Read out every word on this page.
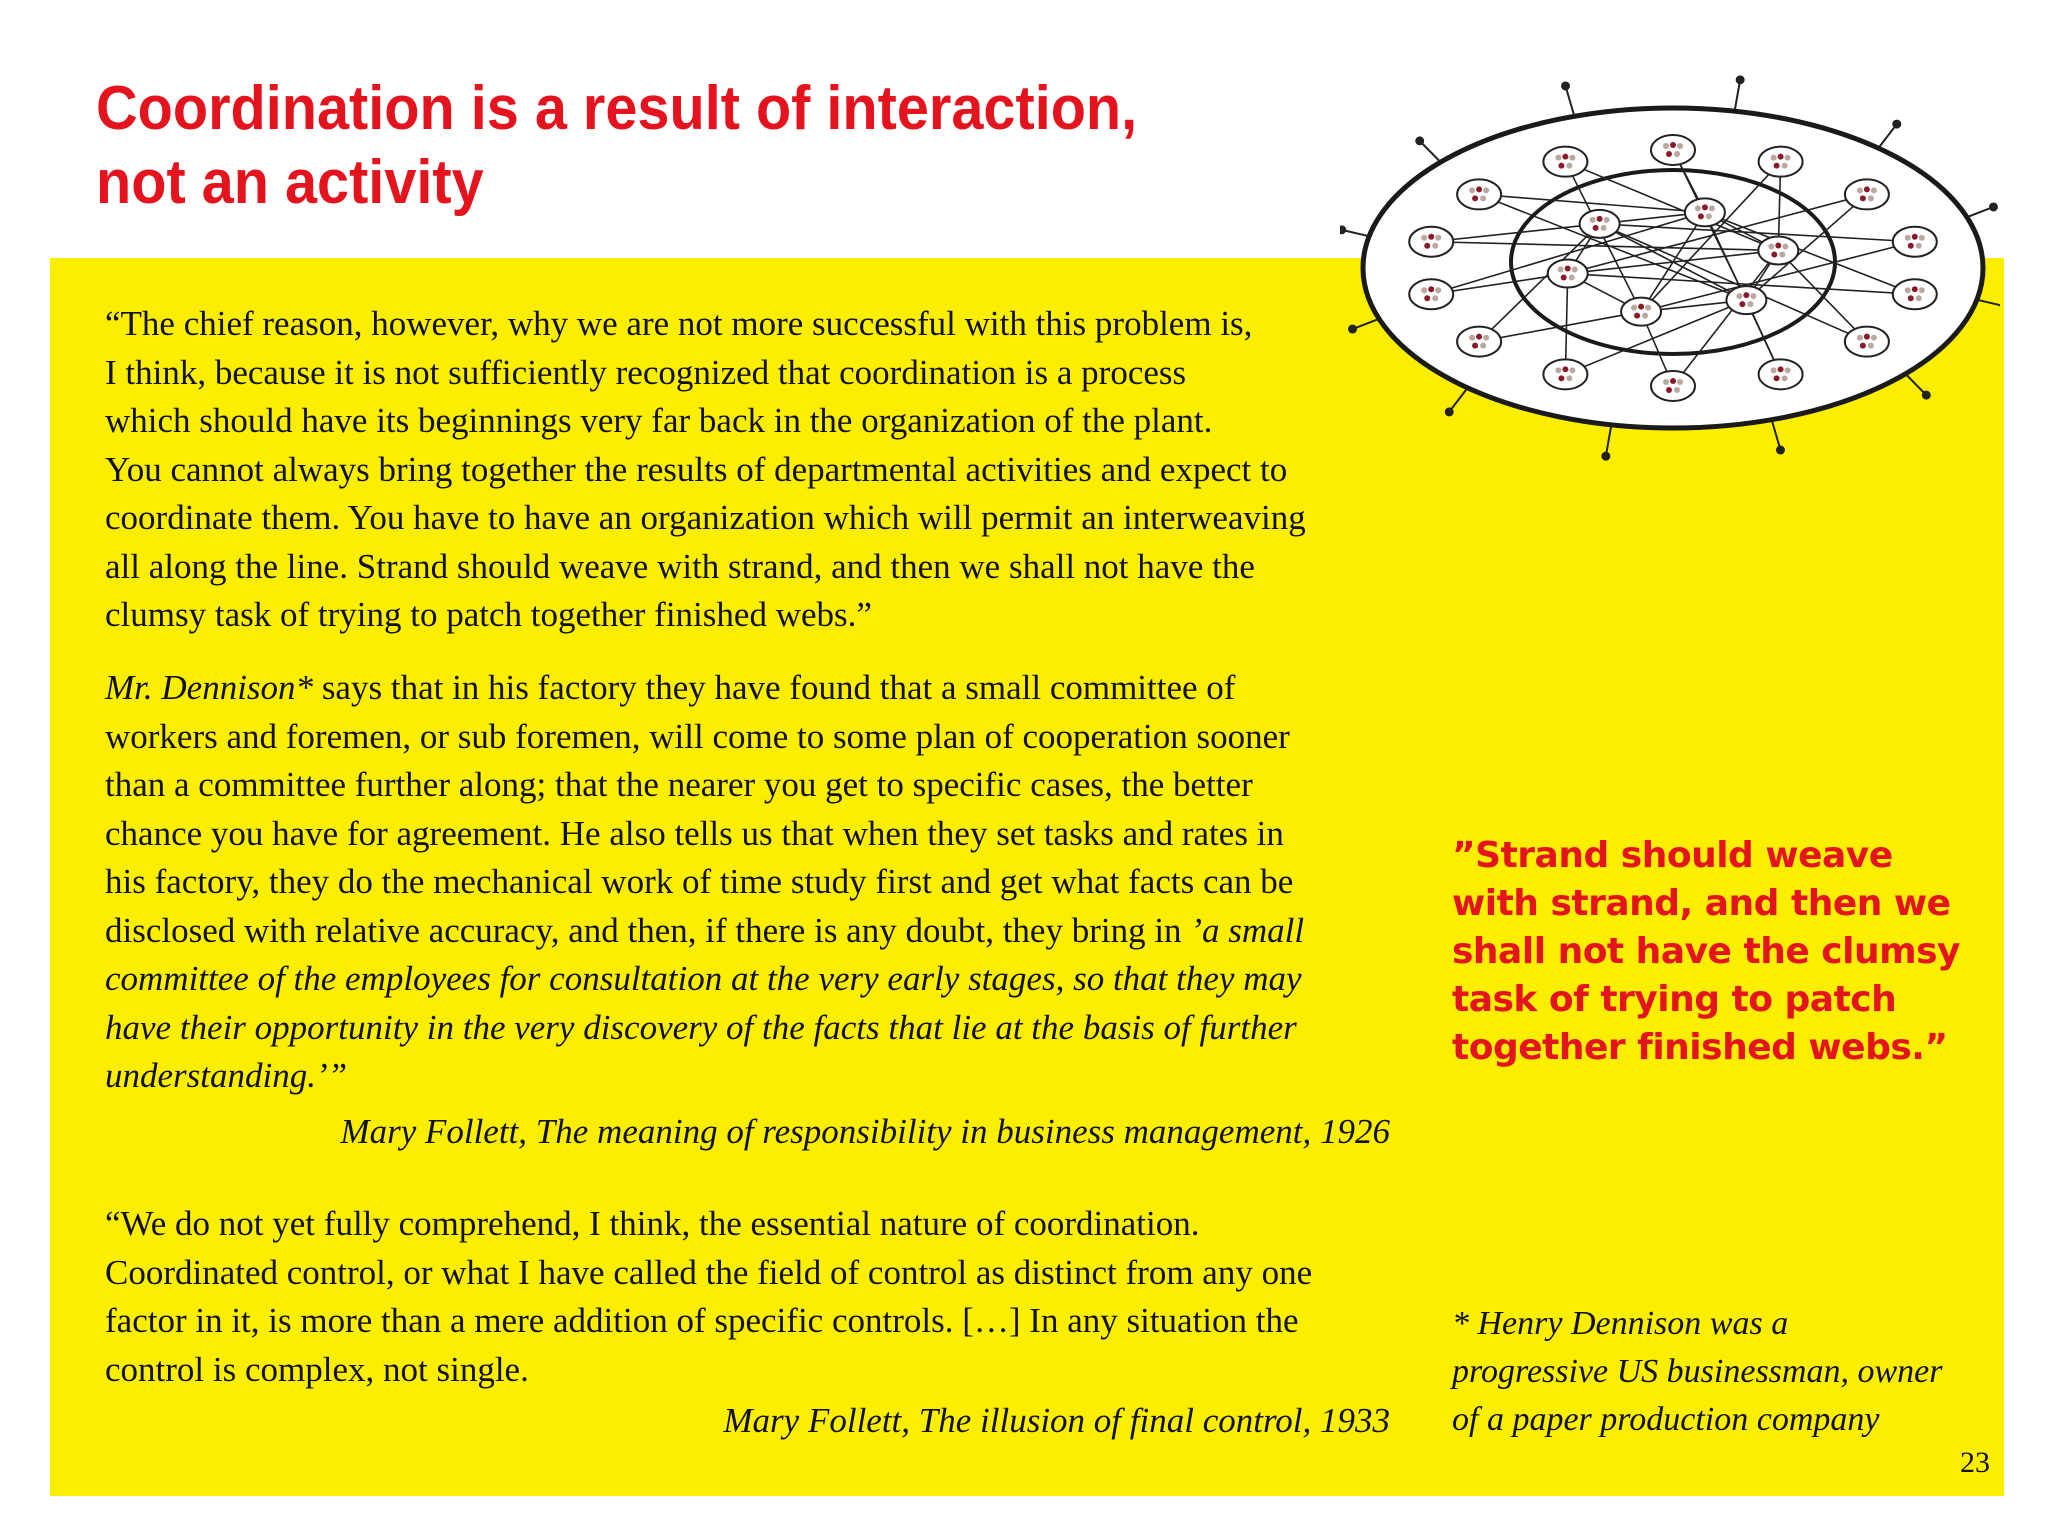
Coordination is a result of interaction,
not an activity
“The chief reason, however, why we are not more successful with this problem is,
I think, because it is not sufficiently recognized that coordination is a process
which should have its beginnings very far back in the organization of the plant.
You cannot always bring together the results of departmental activities and expect to
coordinate them. You have to have an organization which will permit an interweaving
all along the line. Strand should weave with strand, and then we shall not have the
clumsy task of trying to patch together finished webs.”
Mr. Dennison* says that in his factory they have found that a small committee of
workers and foremen, or sub foremen, will come to some plan of cooperation sooner
than a committee further along; that the nearer you get to specific cases, the better
chance you have for agreement. He also tells us that when they set tasks and rates in
his factory, they do the mechanical work of time study first and get what facts can be
disclosed with relative accuracy, and then, if there is any doubt, they bring in ’a small
committee of the employees for consultation at the very early stages, so that they may
have their opportunity in the very discovery of the facts that lie at the basis of further
understanding.’”
Mary Follett, The meaning of responsibility in business management, 1926
“We do not yet fully comprehend, I think, the essential nature of coordination.
Coordinated control, or what I have called the field of control as distinct from any one
factor in it, is more than a mere addition of specific controls. […] In any situation the
control is complex, not single.
Mary Follett, The illusion of final control, 1933
”Strand should weave
with strand, and then we
shall not have the clumsy
task of trying to patch
together finished webs.”
* Henry Dennison was a
progressive US businessman, owner
of a paper production company
23
